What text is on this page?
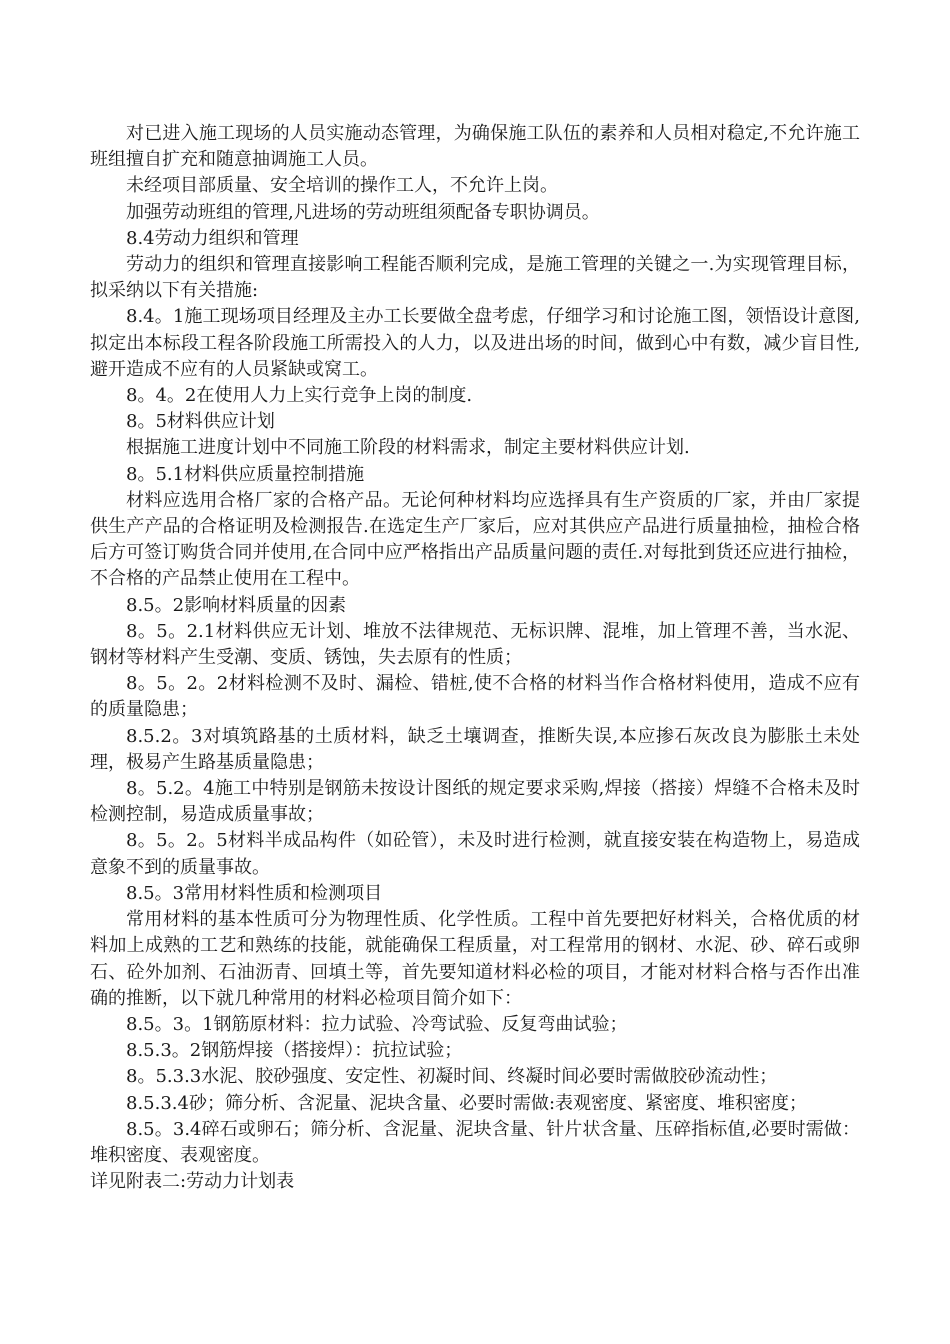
对已进入施工现场的人员实施动态管理，为确保施工队伍的素养和人员相对稳定,不允许施工班组擅自扩充和随意抽调施工人员。

未经项目部质量、安全培训的操作工人，不允许上岗。

加强劳动班组的管理,凡进场的劳动班组须配备专职协调员。

8.4劳动力组织和管理

劳动力的组织和管理直接影响工程能否顺利完成，是施工管理的关键之一.为实现管理目标，拟采纳以下有关措施:

8.4。1施工现场项目经理及主办工长要做全盘考虑，仔细学习和讨论施工图，领悟设计意图,拟定出本标段工程各阶段施工所需投入的人力，以及进出场的时间，做到心中有数，减少盲目性,避开造成不应有的人员紧缺或窝工。

8。4。2在使用人力上实行竞争上岗的制度.

8。5材料供应计划

根据施工进度计划中不同施工阶段的材料需求，制定主要材料供应计划.

8。5.1材料供应质量控制措施

材料应选用合格厂家的合格产品。无论何种材料均应选择具有生产资质的厂家，并由厂家提供生产产品的合格证明及检测报告.在选定生产厂家后，应对其供应产品进行质量抽检，抽检合格后方可签订购货合同并使用,在合同中应严格指出产品质量问题的责任.对每批到货还应进行抽检，不合格的产品禁止使用在工程中。

8.5。2影响材料质量的因素

8。5。2.1材料供应无计划、堆放不法律规范、无标识牌、混堆，加上管理不善，当水泥、钢材等材料产生受潮、变质、锈蚀，失去原有的性质；

8。5。2。2材料检测不及时、漏检、错桩,使不合格的材料当作合格材料使用，造成不应有的质量隐患；

8.5.2。3对填筑路基的土质材料，缺乏土壤调查，推断失误,本应掺石灰改良为膨胀土未处理，极易产生路基质量隐患；

8。5.2。4施工中特别是钢筋未按设计图纸的规定要求采购,焊接（搭接）焊缝不合格未及时检测控制，易造成质量事故；

8。5。2。5材料半成品构件（如砼管），未及时进行检测，就直接安装在构造物上，易造成意象不到的质量事故。

8.5。3常用材料性质和检测项目

常用材料的基本性质可分为物理性质、化学性质。工程中首先要把好材料关，合格优质的材料加上成熟的工艺和熟练的技能，就能确保工程质量，对工程常用的钢材、水泥、砂、碎石或卵石、砼外加剂、石油沥青、回填土等，首先要知道材料必检的项目，才能对材料合格与否作出准确的推断，以下就几种常用的材料必检项目简介如下：

8.5。3。1钢筋原材料：拉力试验、冷弯试验、反复弯曲试验；

8.5.3。2钢筋焊接（搭接焊）：抗拉试验；

8。5.3.3水泥、胶砂强度、安定性、初凝时间、终凝时间必要时需做胶砂流动性；

8.5.3.4砂；筛分析、含泥量、泥块含量、必要时需做:表观密度、紧密度、堆积密度；

8.5。3.4碎石或卵石；筛分析、含泥量、泥块含量、针片状含量、压碎指标值,必要时需做：堆积密度、表观密度。

详见附表二:劳动力计划表
